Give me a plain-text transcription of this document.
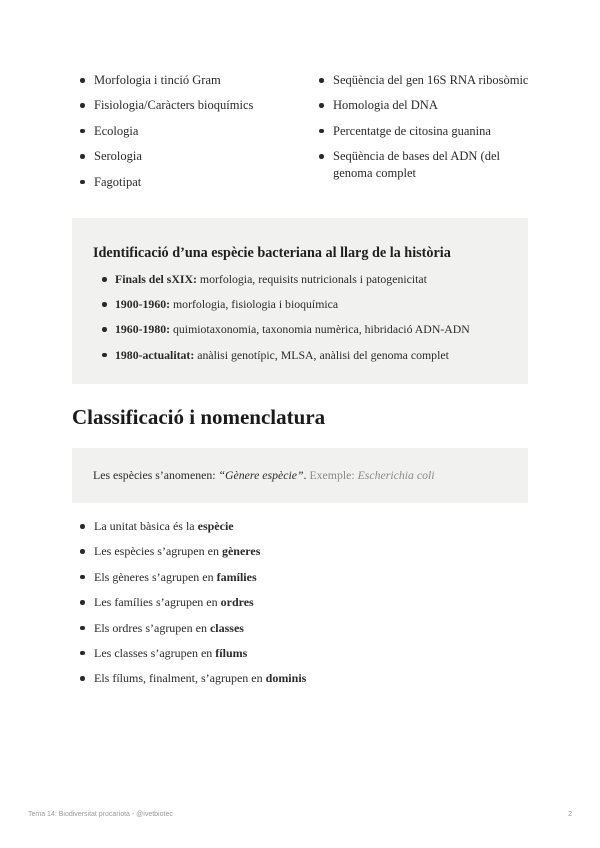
Morfologia i tinció Gram
Fisiologia/Caràcters bioquímics
Ecologia
Serologia
Fagotipat
Seqüència del gen 16S RNA ribosòmic
Homologia del DNA
Percentatge de citosina guanina
Seqüència de bases del ADN (del genoma complet
Identificació d’una espècie bacteriana al llarg de la història
Finals del sXIX: morfologia, requisits nutricionals i patogenicitat
1900-1960: morfologia, fisiologia i bioquímica
1960-1980: quimiotaxonomia, taxonomia numèrica, hibridació ADN-ADN
1980-actualitat: anàlisi genotípic, MLSA, anàlisi del genoma complet
Classificació i nomenclatura

Les espècies s’anomenen: “Gènere espècie”. Exemple: Escherichia coli

La unitat bàsica és la espècie
Les espècies s’agrupen en gèneres
Els gèneres s’agrupen en famílies
Les famílies s’agrupen en ordres
Els ordres s’agrupen en classes
Les classes s’agrupen en fílums
Els fílums, finalment, s’agrupen en dominis
Tema 14: Biodiversitat procariota - @ivetbiotec	2
